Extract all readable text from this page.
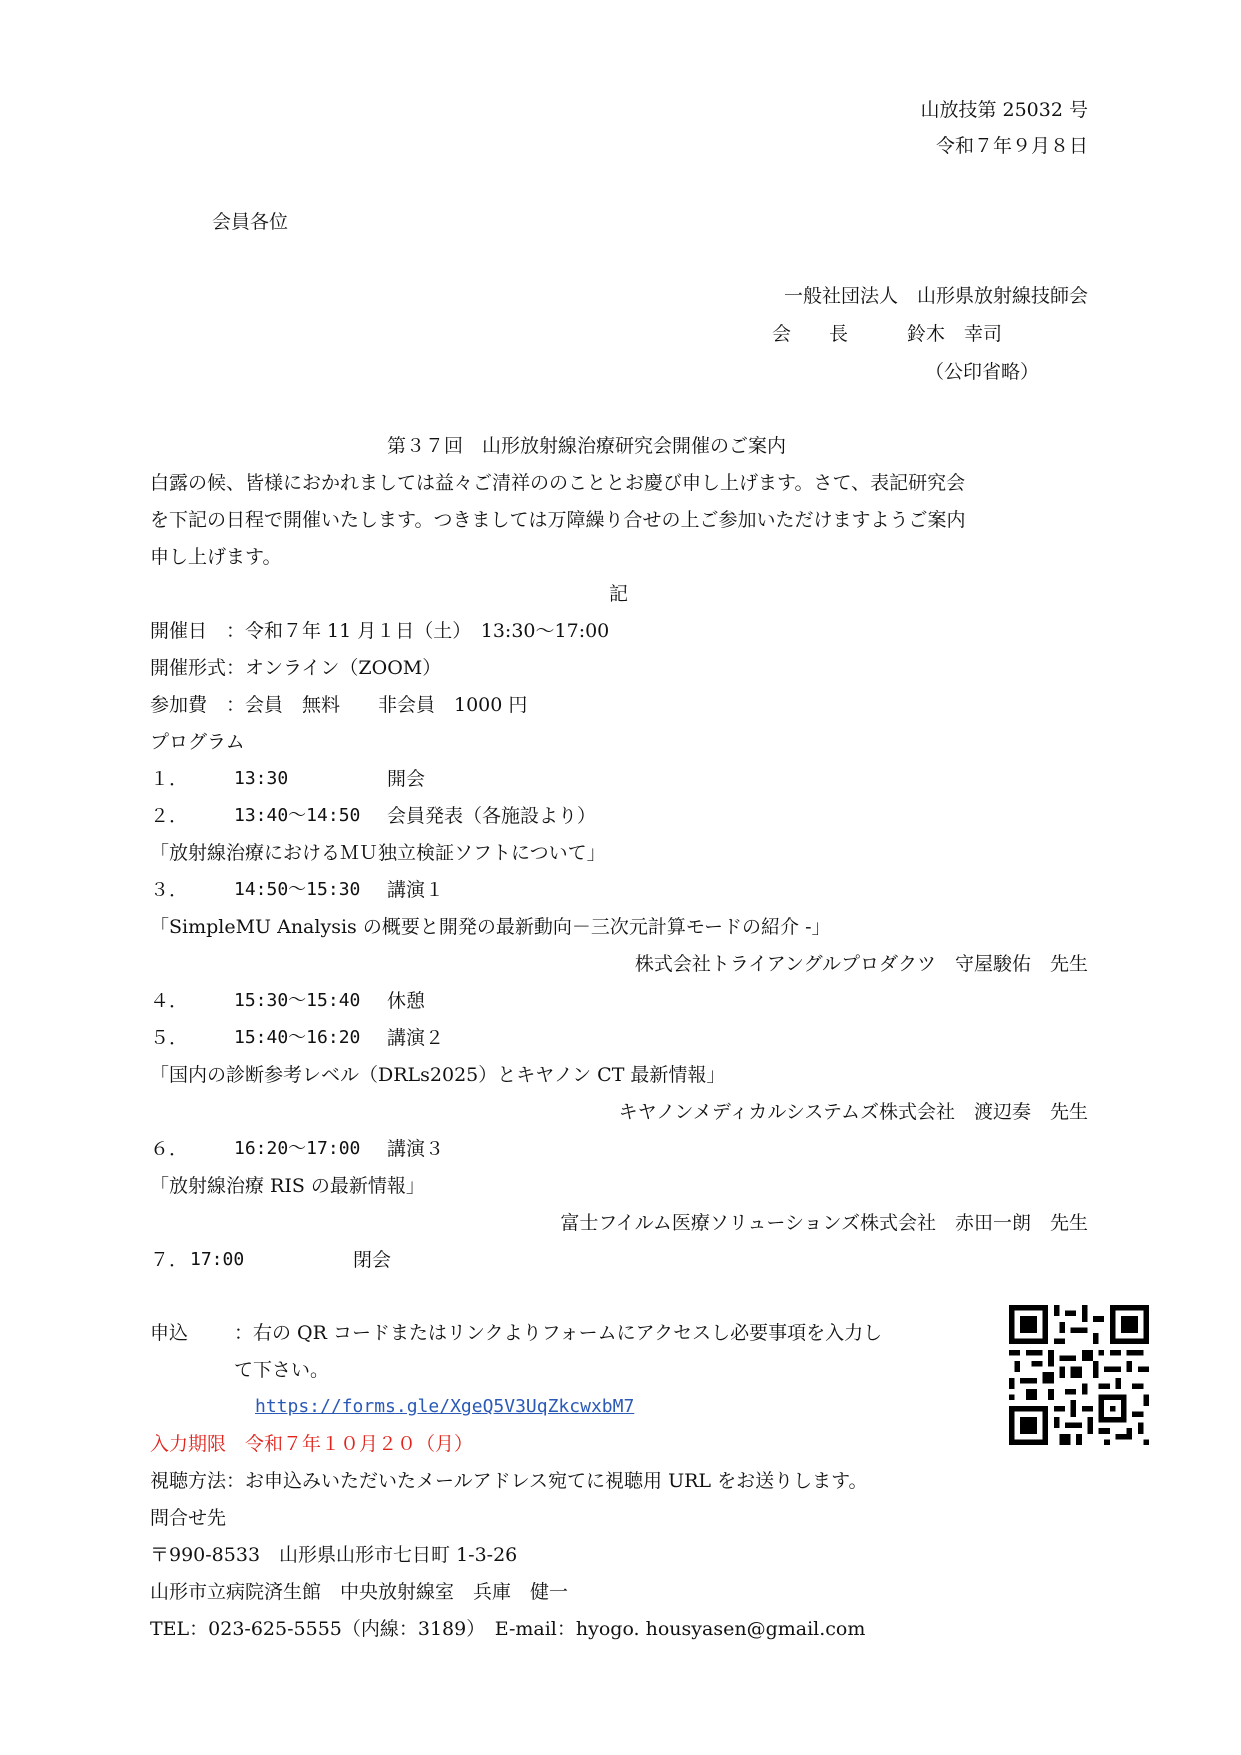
山放技第 25032 号
令和７年９月８日
会員各位
一般社団法人　山形県放射線技師会
会　　長	鈴木　幸司
（公印省略）
第３７回　山形放射線治療研究会開催のご案内
白露の候、皆様におかれましては益々ご清祥ののこととお慶び申し上げます。さて、表記研究会
を下記の日程で開催いたします。つきましては万障繰り合せの上ご参加いただけますようご案内
申し上げます。
記
開催日　：令和７年 11 月１日（土）　13:30～17:00
開催形式：オンライン（ZOOM）
参加費　：会員　無料　　非会員　1000 円
プログラム
１．	13:30	開会
２．	13:40～14:50 会員発表（各施設より）
「放射線治療におけるＭＵ独立検証ソフトについて」
３．	14:50～15:30 講演１
「SimpleMU Analysis の概要と開発の最新動向－三次元計算モードの紹介 -」
株式会社トライアングルプロダクツ　守屋駿佑　先生
４．	15:30～15:40 休憩
５．	15:40～16:20 講演２
「国内の診断参考レベル（DRLs2025）とキヤノン CT 最新情報」
キヤノンメディカルシステムズ株式会社　渡辺奏　先生
６．	16:20～17:00 講演３
「放射線治療 RIS の最新情報」
富士フイルム医療ソリューションズ株式会社　赤田一朗　先生
７． 17:00	閉会
申込 ：右の QR コードまたはリンクよりフォームにアクセスし必要事項を入力し
て下さい。
https://forms.gle/XgeQ5V3UqZkcwxbM7
入力期限　令和７年１０月２０（月）
視聴方法：お申込みいただいたメールアドレス宛てに視聴用 URL をお送りします。
問合せ先
〒990-8533　山形県山形市七日町 1-3-26
山形市立病院済生館　中央放射線室　兵庫　健一
TEL：023-625-5555（内線：3189）　E-mail：hyogo. housyasen@gmail.com
